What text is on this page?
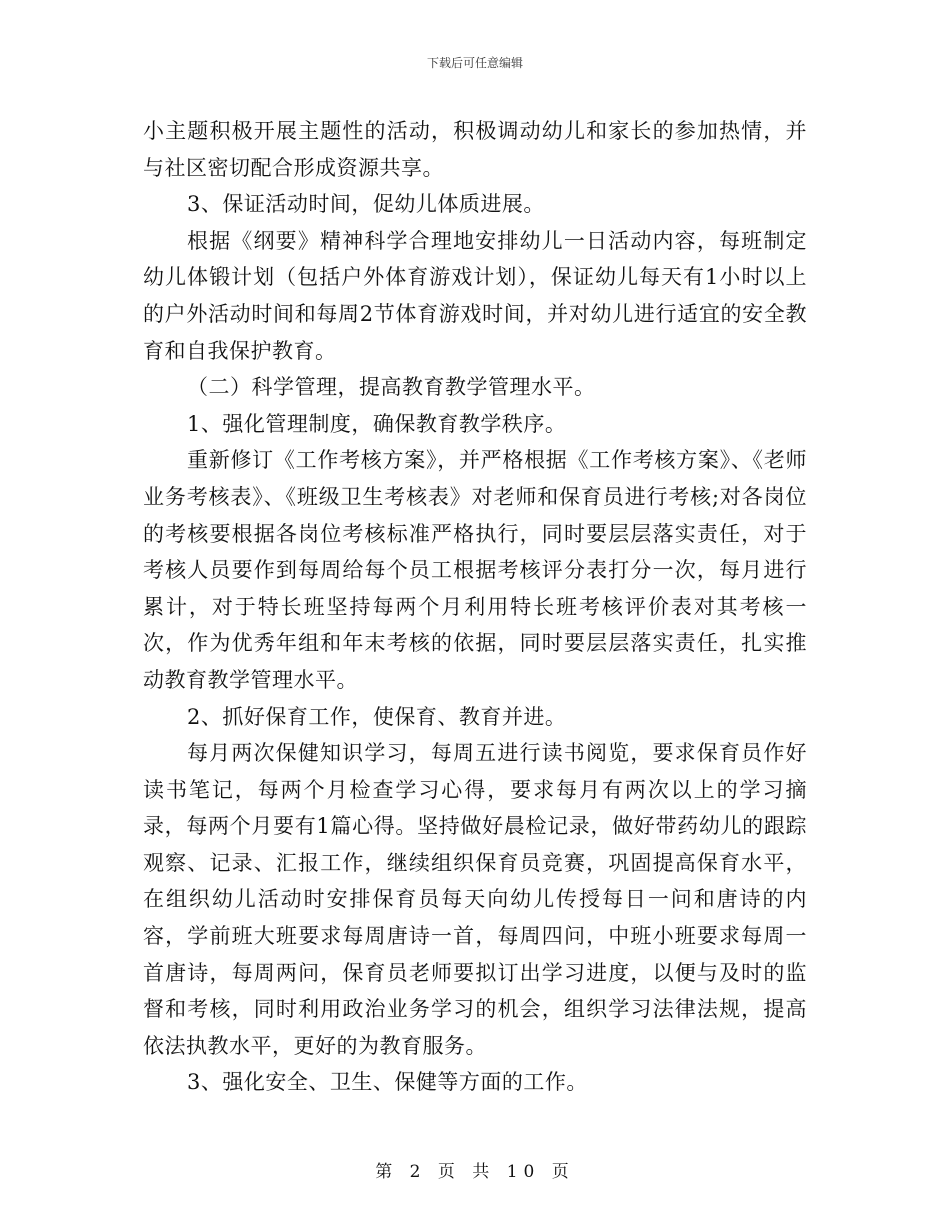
下载后可任意编辑

小主题积极开展主题性的活动，积极调动幼儿和家长的参加热情，并与社区密切配合形成资源共享。

3、保证活动时间，促幼儿体质进展。

根据《纲要》精神科学合理地安排幼儿一日活动内容，每班制定幼儿体锻计划（包括户外体育游戏计划），保证幼儿每天有1小时以上的户外活动时间和每周2节体育游戏时间，并对幼儿进行适宜的安全教育和自我保护教育。

（二）科学管理，提高教育教学管理水平。

1、强化管理制度，确保教育教学秩序。

重新修订《工作考核方案》，并严格根据《工作考核方案》、《老师业务考核表》、《班级卫生考核表》对老师和保育员进行考核;对各岗位的考核要根据各岗位考核标准严格执行，同时要层层落实责任，对于考核人员要作到每周给每个员工根据考核评分表打分一次，每月进行累计，对于特长班坚持每两个月利用特长班考核评价表对其考核一次，作为优秀年组和年末考核的依据，同时要层层落实责任，扎实推动教育教学管理水平。

2、抓好保育工作，使保育、教育并进。

每月两次保健知识学习，每周五进行读书阅览，要求保育员作好读书笔记，每两个月检查学习心得，要求每月有两次以上的学习摘录，每两个月要有1篇心得。坚持做好晨检记录，做好带药幼儿的跟踪观察、记录、汇报工作，继续组织保育员竞赛，巩固提高保育水平，在组织幼儿活动时安排保育员每天向幼儿传授每日一问和唐诗的内容，学前班大班要求每周唐诗一首，每周四问，中班小班要求每周一首唐诗，每周两问，保育员老师要拟订出学习进度，以便与及时的监督和考核，同时利用政治业务学习的机会，组织学习法律法规，提高依法执教水平，更好的为教育服务。

3、强化安全、卫生、保健等方面的工作。

第 2 页 共 10 页
